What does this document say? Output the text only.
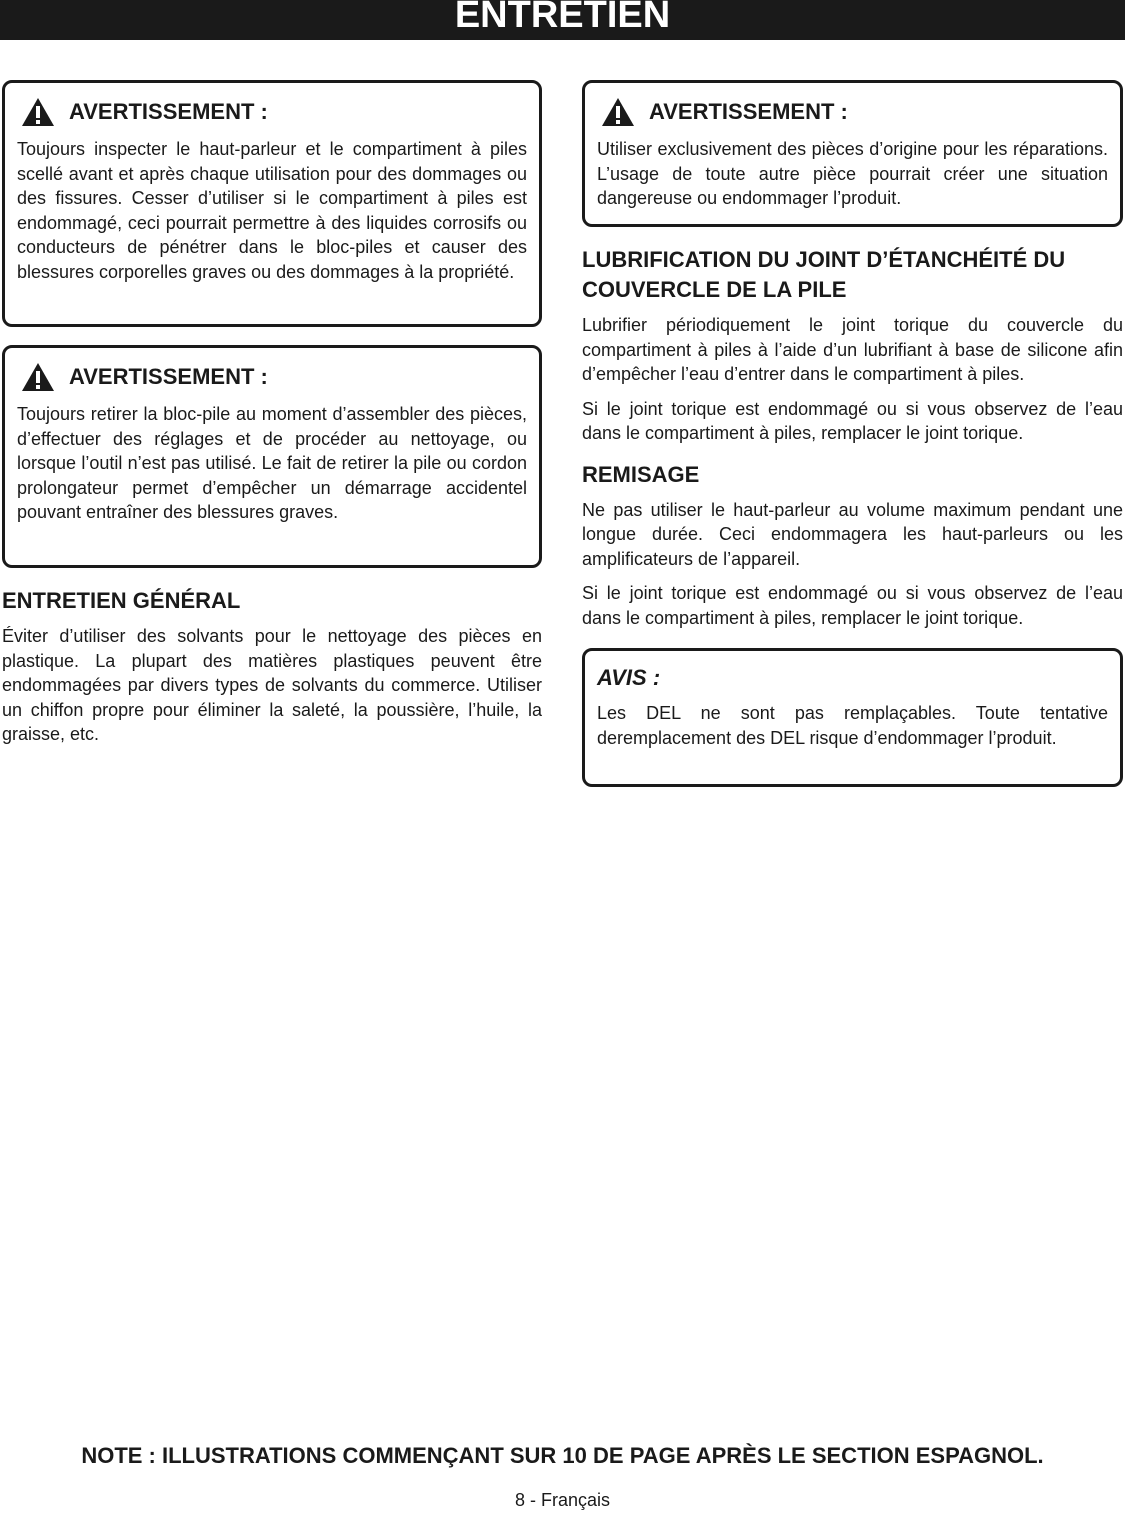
ENTRETIEN
AVERTISSEMENT :

Toujours inspecter le haut-parleur et le compartiment à piles scellé avant et après chaque utilisation pour des dommages ou des fissures. Cesser d’utiliser si le compartiment à piles est endommagé, ceci pourrait permettre à des liquides corrosifs ou conducteurs de pénétrer dans le bloc-piles et causer des blessures corporelles graves ou des dommages à la propriété.

AVERTISSEMENT :

Toujours retirer la bloc-pile au moment d’assembler des pièces, d’effectuer des réglages et de procéder au nettoyage, ou lorsque l’outil n’est pas utilisé. Le fait de retirer la pile ou cordon prolongateur permet d’empêcher un démarrage accidentel pouvant entraîner des blessures graves.

ENTRETIEN GÉNÉRAL

Éviter d’utiliser des solvants pour le nettoyage des pièces en plastique. La plupart des matières plastiques peuvent être endommagées par divers types de solvants du commerce. Utiliser un chiffon propre pour éliminer la saleté, la poussière, l’huile, la graisse, etc.

AVERTISSEMENT :

Utiliser exclusivement des pièces d’origine pour les réparations. L’usage de toute autre pièce pourrait créer une situation dangereuse ou endommager l’produit.

LUBRIFICATION DU JOINT D’ÉTANCHÉITÉ DU COUVERCLE DE LA PILE

Lubrifier périodiquement le joint torique du couvercle du compartiment à piles à l’aide d’un lubrifiant à base de silicone afin d’empêcher l’eau d’entrer dans le compartiment à piles.

Si le joint torique est endommagé ou si vous observez de l’eau dans le compartiment à piles, remplacer le joint torique.

REMISAGE

Ne pas utiliser le haut-parleur au volume maximum pendant une longue durée. Ceci endommagera les haut-parleurs ou les amplificateurs de l’appareil.

Si le joint torique est endommagé ou si vous observez de l’eau dans le compartiment à piles, remplacer le joint torique.

AVIS :

Les DEL ne sont pas remplaçables. Toute tentative deremplacement des DEL risque d’endommager l’produit.

NOTE : ILLUSTRATIONS COMMENÇANT SUR 10 DE PAGE APRÈS LE SECTION ESPAGNOL.
8 - Français
